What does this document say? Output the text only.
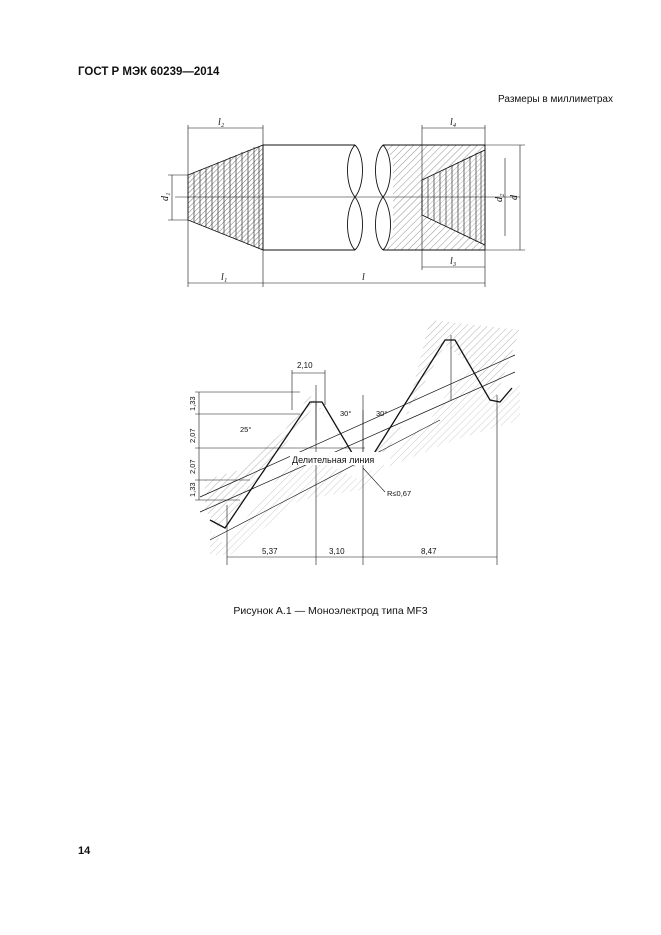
ГОСТ Р МЭК 60239—2014
Размеры в миллиметрах
l₂	l₄
l₁	l
l₃
d₁	d₂ d
2,10
1,33
2,07
2,07
1,33
25°
30°	30°
Делительная линия
R≤0,67
5,37	3,10	8,47
Рисунок А.1 — Моноэлектрод типа MF3
14
